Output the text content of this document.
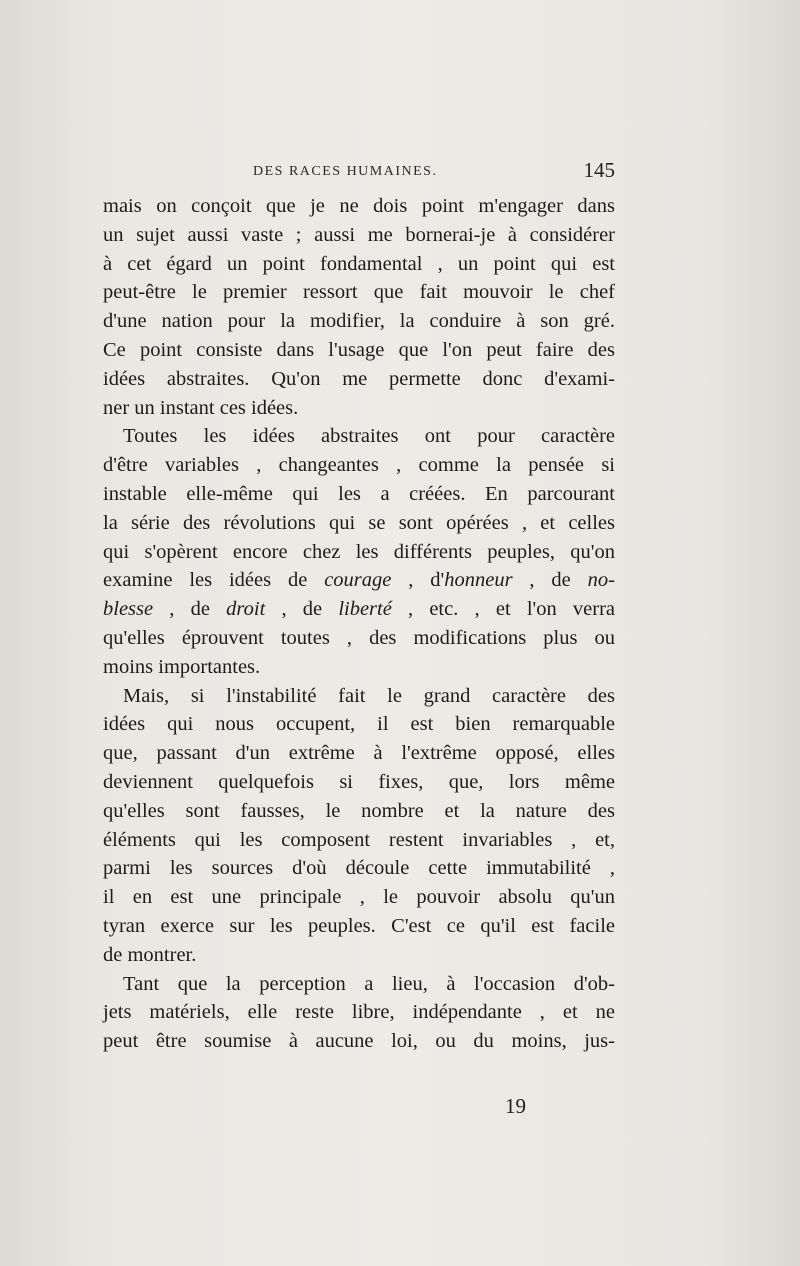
DES RACES HUMAINES.	145
mais on conçoit que je ne dois point m'engager dans
un sujet aussi vaste ; aussi me bornerai-je à considérer
à cet égard un point fondamental , un point qui est
peut-être le premier ressort que fait mouvoir le chef
d'une nation pour la modifier, la conduire à son gré.
Ce point consiste dans l'usage que l'on peut faire des
idées abstraites. Qu'on me permette donc d'exami-
ner un instant ces idées.
Toutes les idées abstraites ont pour caractère
d'être variables , changeantes , comme la pensée si
instable elle-même qui les a créées. En parcourant
la série des révolutions qui se sont opérées , et celles
qui s'opèrent encore chez les différents peuples, qu'on
examine les idées de courage , d'honneur , de no-
blesse , de droit , de liberté , etc. , et l'on verra
qu'elles éprouvent toutes , des modifications plus ou
moins importantes.
Mais, si l'instabilité fait le grand caractère des
idées qui nous occupent, il est bien remarquable
que, passant d'un extrême à l'extrême opposé, elles
deviennent quelquefois si fixes, que, lors même
qu'elles sont fausses, le nombre et la nature des
éléments qui les composent restent invariables , et,
parmi les sources d'où découle cette immutabilité ,
il en est une principale , le pouvoir absolu qu'un
tyran exerce sur les peuples. C'est ce qu'il est facile
de montrer.
Tant que la perception a lieu, à l'occasion d'ob-
jets matériels, elle reste libre, indépendante , et ne
peut être soumise à aucune loi, ou du moins, jus-
19
